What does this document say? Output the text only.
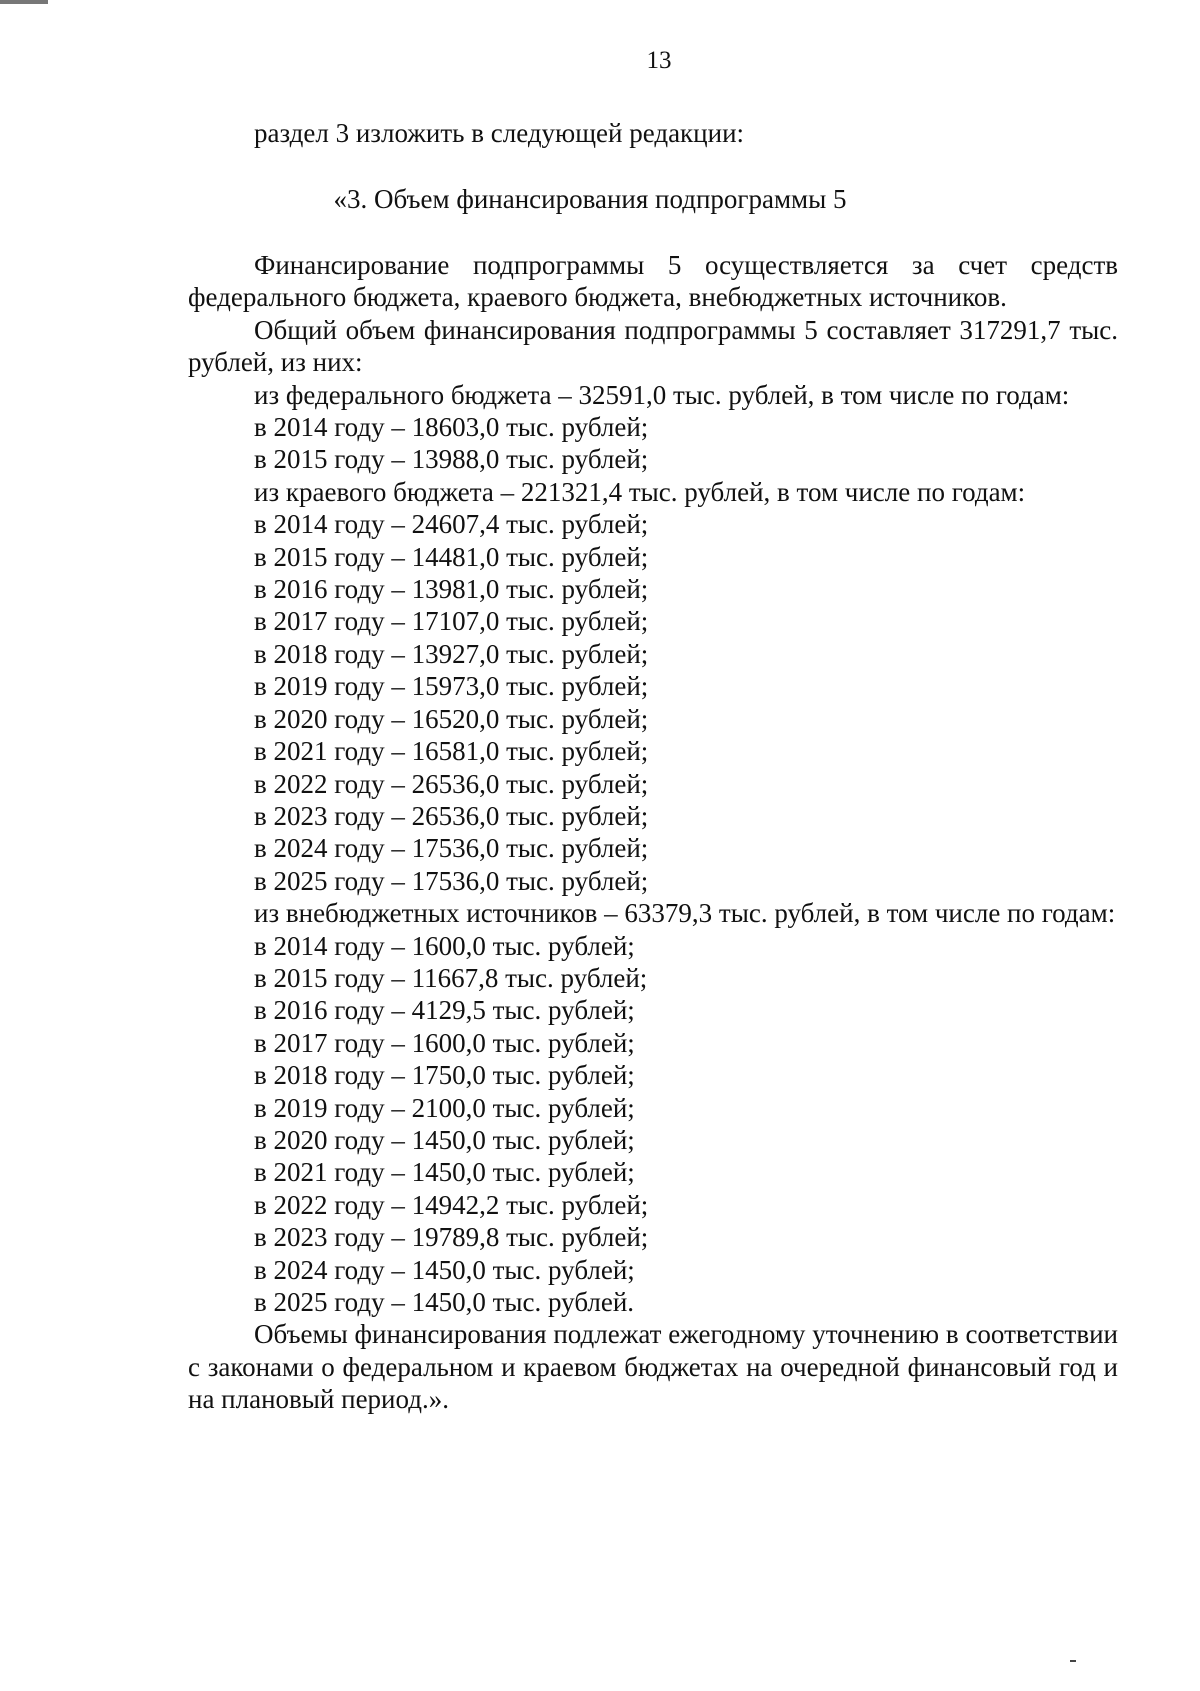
13
раздел 3 изложить в следующей редакции:
«3. Объем финансирования подпрограммы 5

Финансирование подпрограммы 5 осуществляется за счет средств федерального бюджета, краевого бюджета, внебюджетных источников.

Общий объем финансирования подпрограммы 5 составляет 317291,7 тыс. рублей, из них:

из федерального бюджета – 32591,0 тыс. рублей, в том числе по годам:
в 2014 году – 18603,0 тыс. рублей;
в 2015 году – 13988,0 тыс. рублей;
из краевого бюджета – 221321,4 тыс. рублей, в том числе по годам:
в 2014 году – 24607,4 тыс. рублей;
в 2015 году – 14481,0 тыс. рублей;
в 2016 году – 13981,0 тыс. рублей;
в 2017 году – 17107,0 тыс. рублей;
в 2018 году – 13927,0 тыс. рублей;
в 2019 году – 15973,0 тыс. рублей;
в 2020 году – 16520,0 тыс. рублей;
в 2021 году – 16581,0 тыс. рублей;
в 2022 году – 26536,0 тыс. рублей;
в 2023 году – 26536,0 тыс. рублей;
в 2024 году – 17536,0 тыс. рублей;
в 2025 году – 17536,0 тыс. рублей;

из внебюджетных источников – 63379,3 тыс. рублей, в том числе по годам:

в 2014 году – 1600,0 тыс. рублей;
в 2015 году – 11667,8 тыс. рублей;
в 2016 году – 4129,5 тыс. рублей;
в 2017 году – 1600,0 тыс. рублей;
в 2018 году – 1750,0 тыс. рублей;
в 2019 году – 2100,0 тыс. рублей;
в 2020 году – 1450,0 тыс. рублей;
в 2021 году – 1450,0 тыс. рублей;
в 2022 году – 14942,2 тыс. рублей;
в 2023 году – 19789,8 тыс. рублей;
в 2024 году – 1450,0 тыс. рублей;
в 2025 году – 1450,0 тыс. рублей.

Объемы финансирования подлежат ежегодному уточнению в соответствии с законами о федеральном и краевом бюджетах на очередной финансовый год и на плановый период.».
